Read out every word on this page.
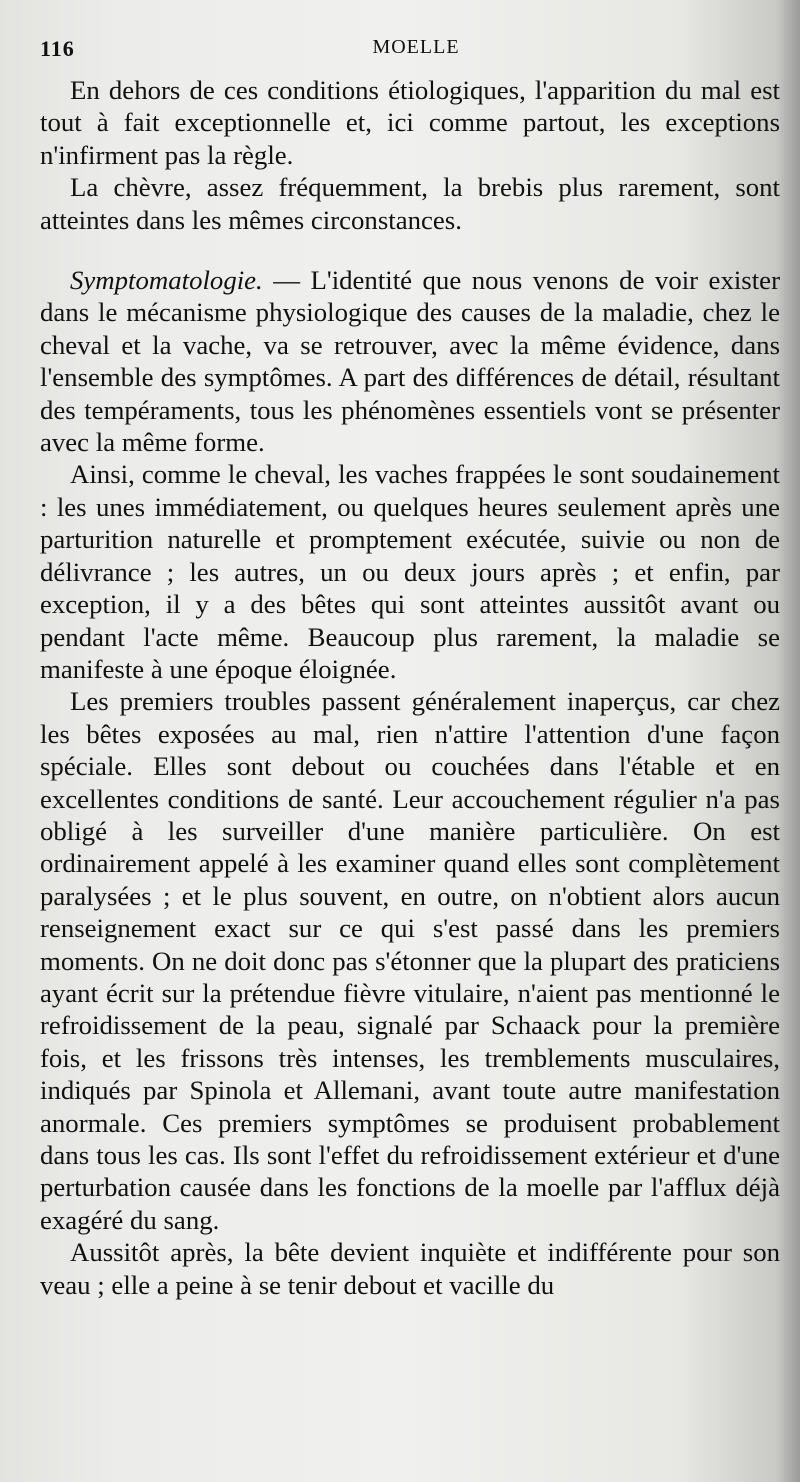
116	MOELLE

En dehors de ces conditions étiologiques, l'apparition du mal est tout à fait exceptionnelle et, ici comme partout, les exceptions n'infirment pas la règle.

La chèvre, assez fréquemment, la brebis plus rarement, sont atteintes dans les mêmes circonstances.

Symptomatologie. — L'identité que nous venons de voir exister dans le mécanisme physiologique des causes de la maladie, chez le cheval et la vache, va se retrouver, avec la même évidence, dans l'ensemble des symptômes. A part des différences de détail, résultant des tempéraments, tous les phénomènes essentiels vont se présenter avec la même forme.

Ainsi, comme le cheval, les vaches frappées le sont soudainement : les unes immédiatement, ou quelques heures seulement après une parturition naturelle et promptement exécutée, suivie ou non de délivrance ; les autres, un ou deux jours après ; et enfin, par exception, il y a des bêtes qui sont atteintes aussitôt avant ou pendant l'acte même. Beaucoup plus rarement, la maladie se manifeste à une époque éloignée.

Les premiers troubles passent généralement inaperçus, car chez les bêtes exposées au mal, rien n'attire l'attention d'une façon spéciale. Elles sont debout ou couchées dans l'étable et en excellentes conditions de santé. Leur accouchement régulier n'a pas obligé à les surveiller d'une manière particulière. On est ordinairement appelé à les examiner quand elles sont complètement paralysées ; et le plus souvent, en outre, on n'obtient alors aucun renseignement exact sur ce qui s'est passé dans les premiers moments. On ne doit donc pas s'étonner que la plupart des praticiens ayant écrit sur la prétendue fièvre vitulaire, n'aient pas mentionné le refroidissement de la peau, signalé par Schaack pour la première fois, et les frissons très intenses, les tremblements musculaires, indiqués par Spinola et Allemani, avant toute autre manifestation anormale. Ces premiers symptômes se produisent probablement dans tous les cas. Ils sont l'effet du refroidissement extérieur et d'une perturbation causée dans les fonctions de la moelle par l'afflux déjà exagéré du sang.

Aussitôt après, la bête devient inquiète et indifférente pour son veau ; elle a peine à se tenir debout et vacille du
